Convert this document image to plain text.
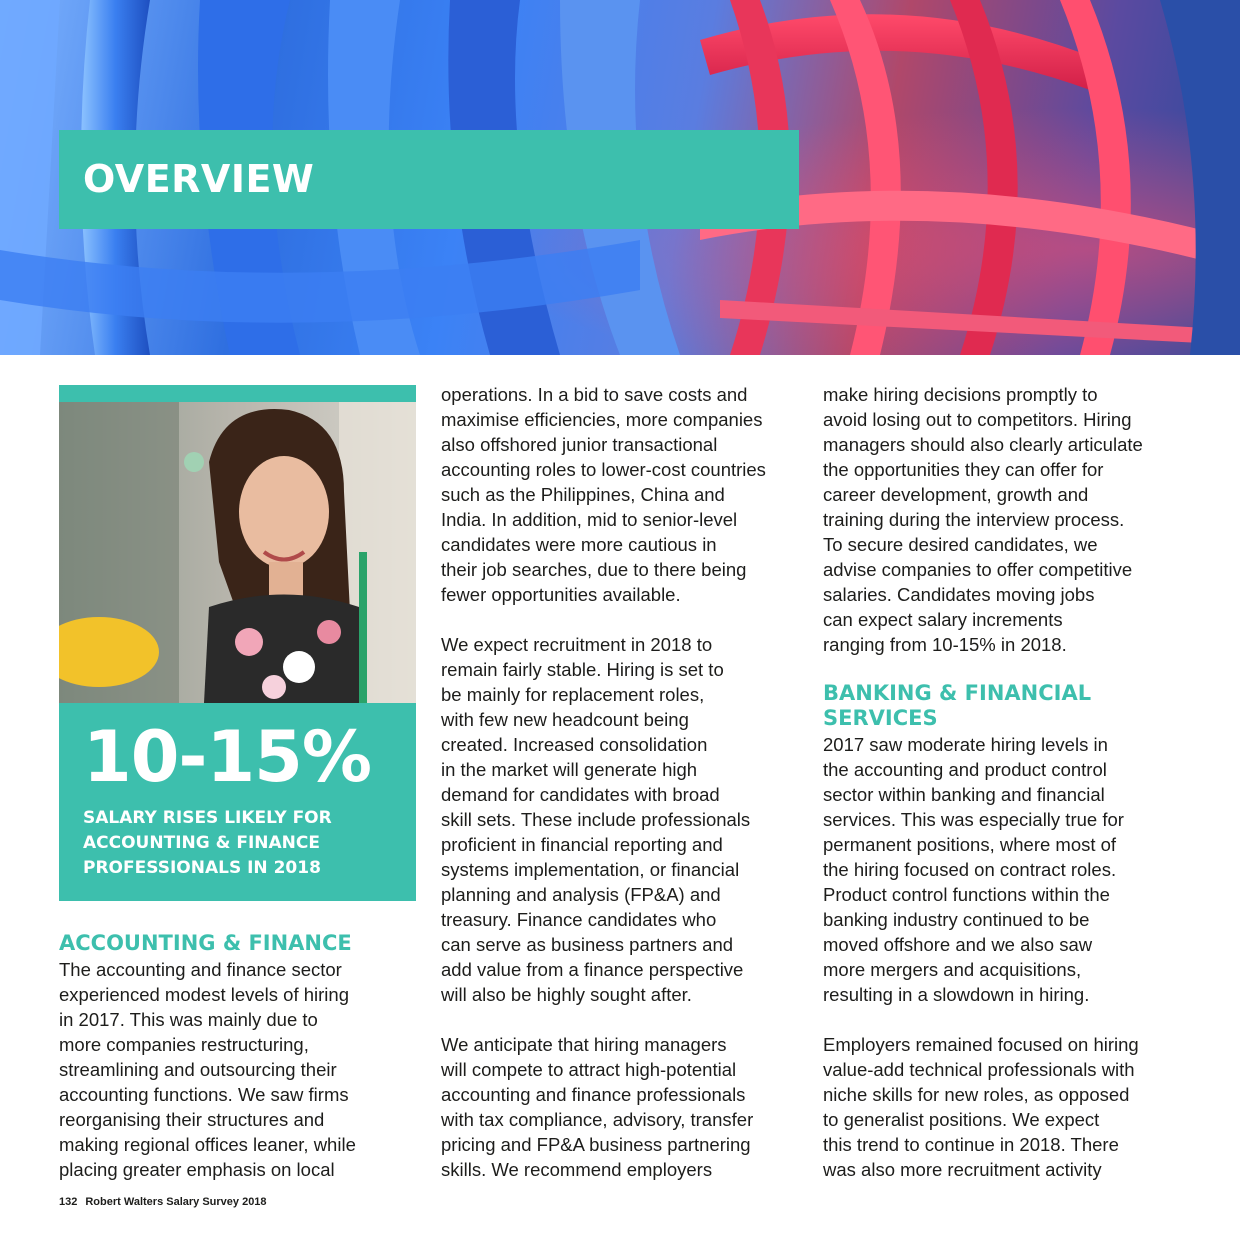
OVERVIEW
10-15%
SALARY RISES LIKELY FOR ACCOUNTING & FINANCE PROFESSIONALS IN 2018
ACCOUNTING & FINANCE

The accounting and finance sector
experienced modest levels of hiring
in 2017. This was mainly due to
more companies restructuring,
streamlining and outsourcing their
accounting functions. We saw firms
reorganising their structures and
making regional offices leaner, while
placing greater emphasis on local

operations. In a bid to save costs and
maximise efficiencies, more companies
also offshored junior transactional
accounting roles to lower-cost countries
such as the Philippines, China and
India. In addition, mid to senior-level
candidates were more cautious in
their job searches, due to there being
fewer opportunities available.

We expect recruitment in 2018 to
remain fairly stable. Hiring is set to
be mainly for replacement roles,
with few new headcount being
created. Increased consolidation
in the market will generate high
demand for candidates with broad
skill sets. These include professionals
proficient in financial reporting and
systems implementation, or financial
planning and analysis (FP&A) and
treasury. Finance candidates who
can serve as business partners and
add value from a finance perspective
will also be highly sought after.

We anticipate that hiring managers
will compete to attract high-potential
accounting and finance professionals
with tax compliance, advisory, transfer
pricing and FP&A business partnering
skills. We recommend employers

make hiring decisions promptly to
avoid losing out to competitors. Hiring
managers should also clearly articulate
the opportunities they can offer for
career development, growth and
training during the interview process.
To secure desired candidates, we
advise companies to offer competitive
salaries. Candidates moving jobs
can expect salary increments
ranging from 10-15% in 2018.

BANKING & FINANCIAL
SERVICES

2017 saw moderate hiring levels in
the accounting and product control
sector within banking and financial
services. This was especially true for
permanent positions, where most of
the hiring focused on contract roles.
Product control functions within the
banking industry continued to be
moved offshore and we also saw
more mergers and acquisitions,
resulting in a slowdown in hiring.

Employers remained focused on hiring
value-add technical professionals with
niche skills for new roles, as opposed
to generalist positions. We expect
this trend to continue in 2018. There
was also more recruitment activity

132 Robert Walters Salary Survey 2018
